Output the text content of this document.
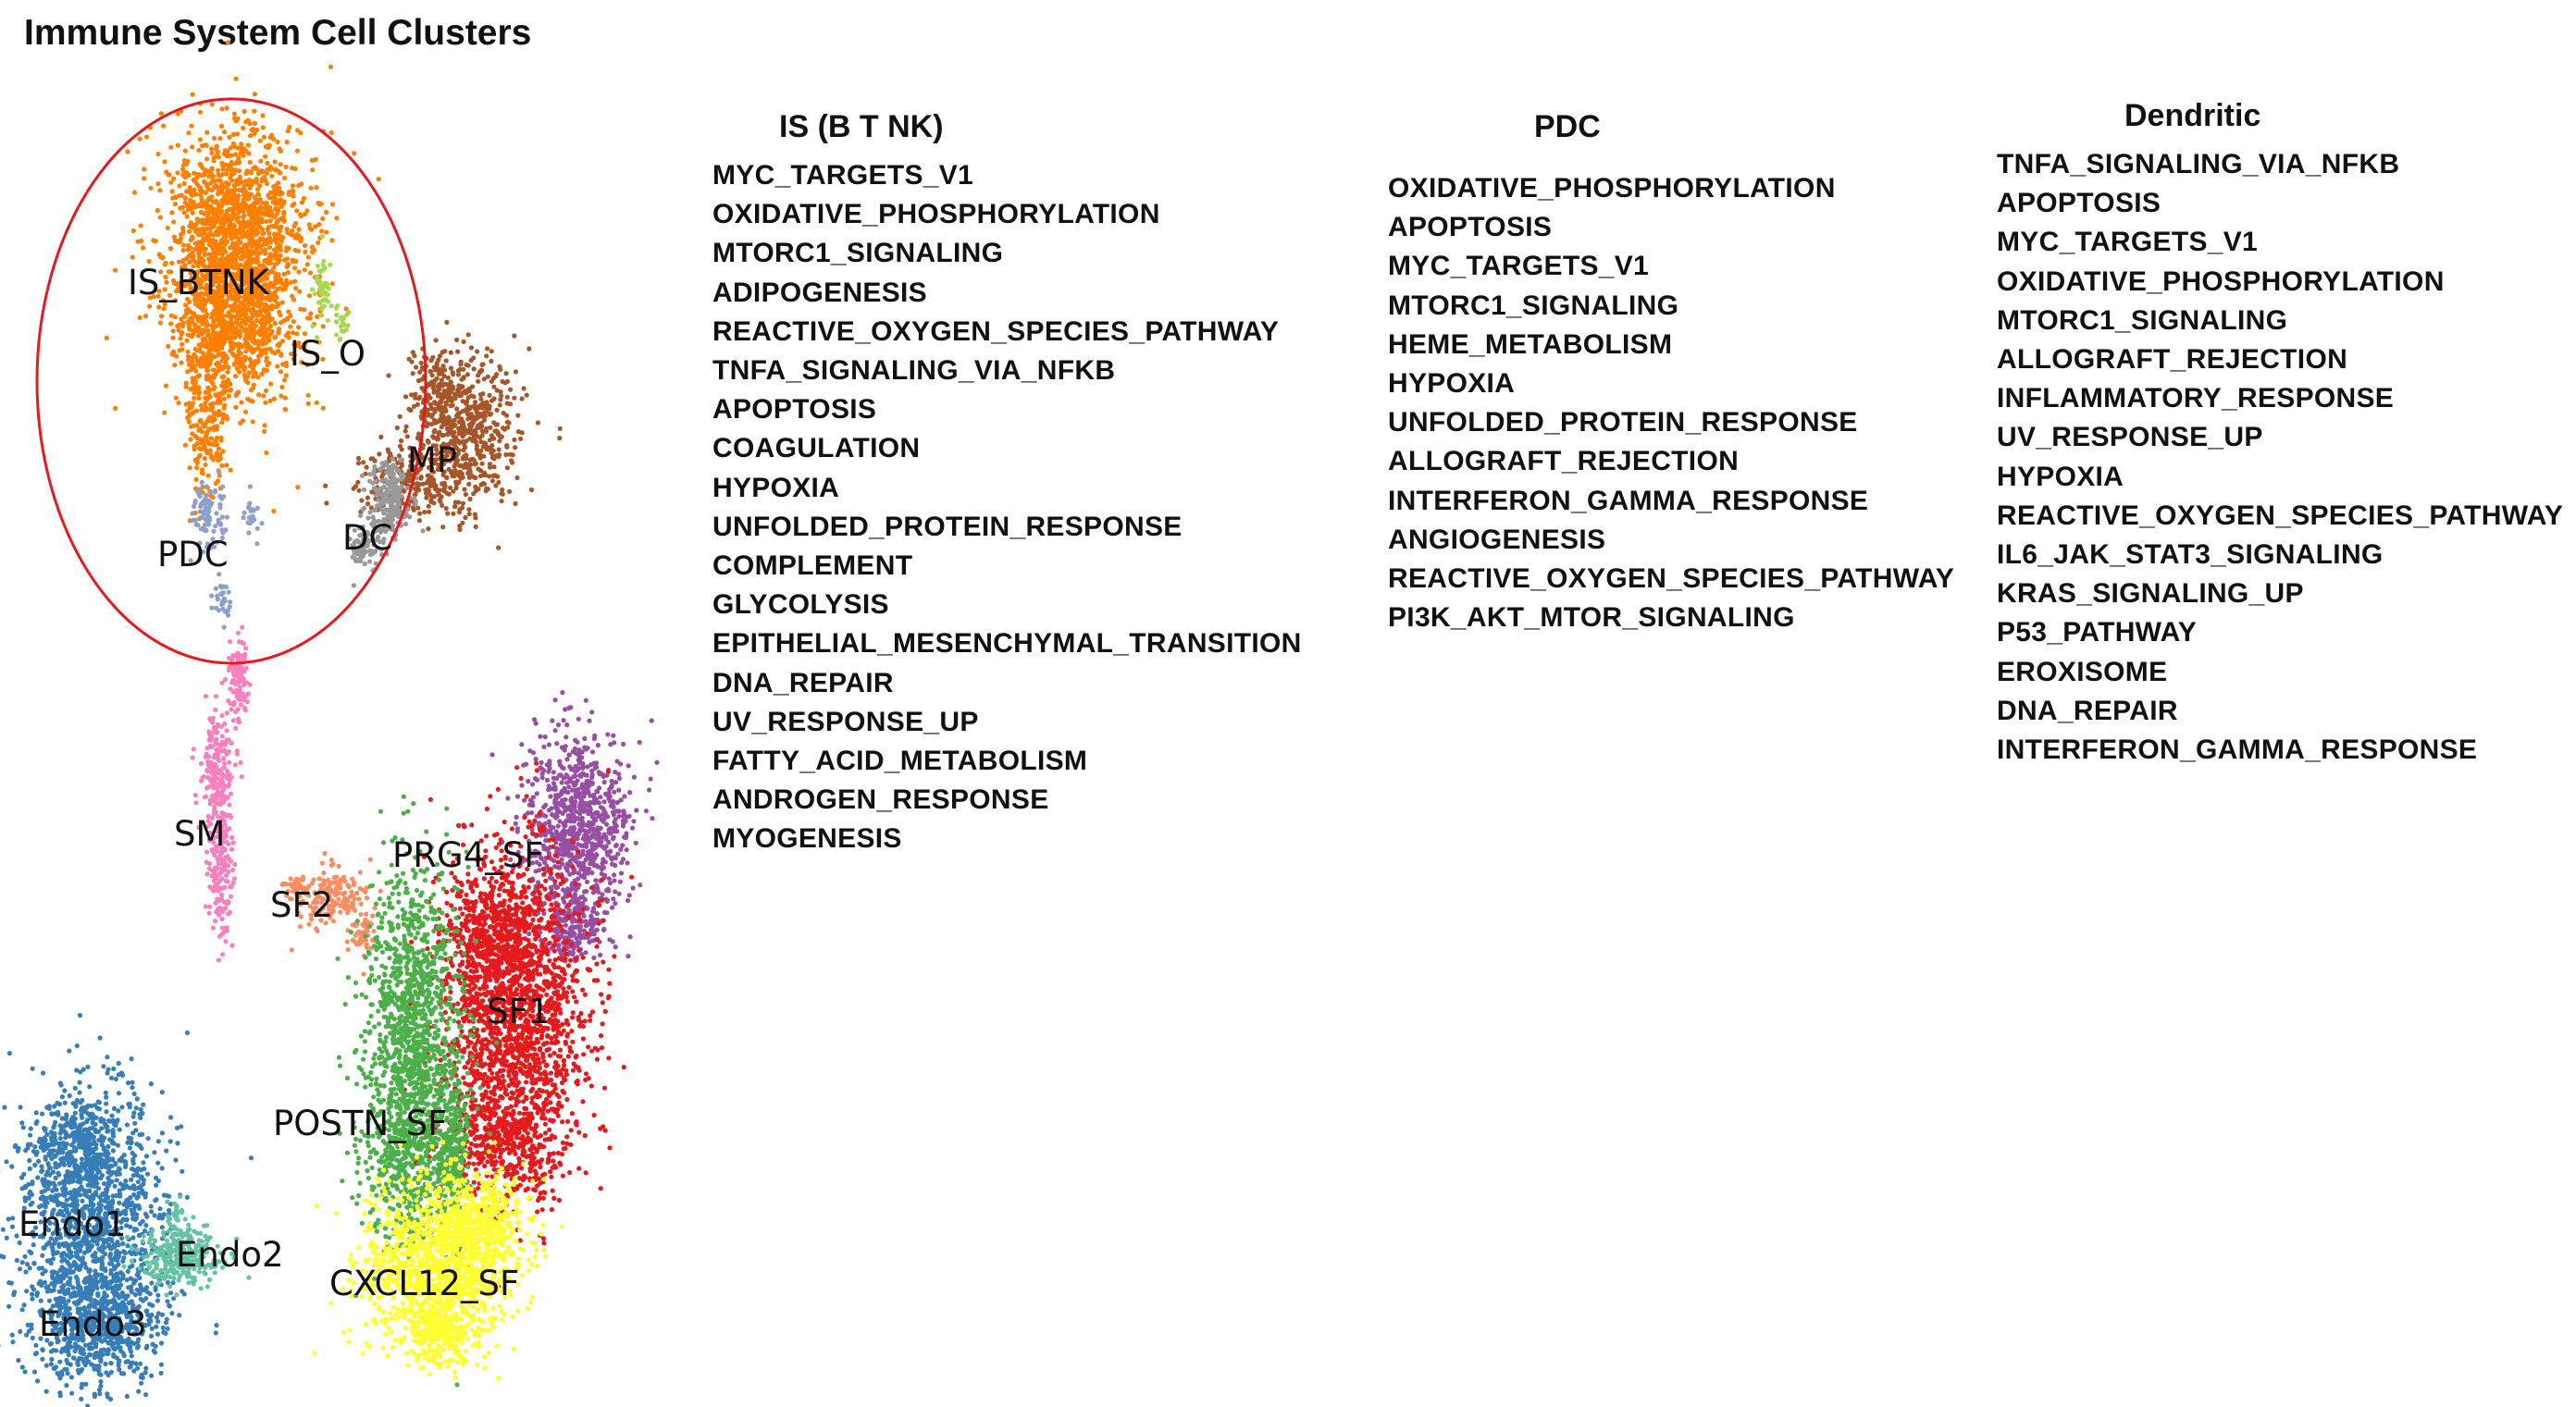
Immune System Cell Clusters
IS_BTNK
IS_O
MP
DC
PDC
SM
PRG4_SF
SF2
SF1
POSTN_SF
CXCL12_SF
Endo1
Endo2
Endo3
IS (B T NK)
MYC_TARGETS_V1
OXIDATIVE_PHOSPHORYLATION
MTORC1_SIGNALING
ADIPOGENESIS
REACTIVE_OXYGEN_SPECIES_PATHWAY
TNFA_SIGNALING_VIA_NFKB
APOPTOSIS
COAGULATION
HYPOXIA
UNFOLDED_PROTEIN_RESPONSE
COMPLEMENT
GLYCOLYSIS
EPITHELIAL_MESENCHYMAL_TRANSITION
DNA_REPAIR
UV_RESPONSE_UP
FATTY_ACID_METABOLISM
ANDROGEN_RESPONSE
MYOGENESIS
PDC
OXIDATIVE_PHOSPHORYLATION
APOPTOSIS
MYC_TARGETS_V1
MTORC1_SIGNALING
HEME_METABOLISM
HYPOXIA
UNFOLDED_PROTEIN_RESPONSE
ALLOGRAFT_REJECTION
INTERFERON_GAMMA_RESPONSE
ANGIOGENESIS
REACTIVE_OXYGEN_SPECIES_PATHWAY
PI3K_AKT_MTOR_SIGNALING
Dendritic
TNFA_SIGNALING_VIA_NFKB
APOPTOSIS
MYC_TARGETS_V1
OXIDATIVE_PHOSPHORYLATION
MTORC1_SIGNALING
ALLOGRAFT_REJECTION
INFLAMMATORY_RESPONSE
UV_RESPONSE_UP
HYPOXIA
REACTIVE_OXYGEN_SPECIES_PATHWAY
IL6_JAK_STAT3_SIGNALING
KRAS_SIGNALING_UP
P53_PATHWAY
EROXISOME
DNA_REPAIR
INTERFERON_GAMMA_RESPONSE
